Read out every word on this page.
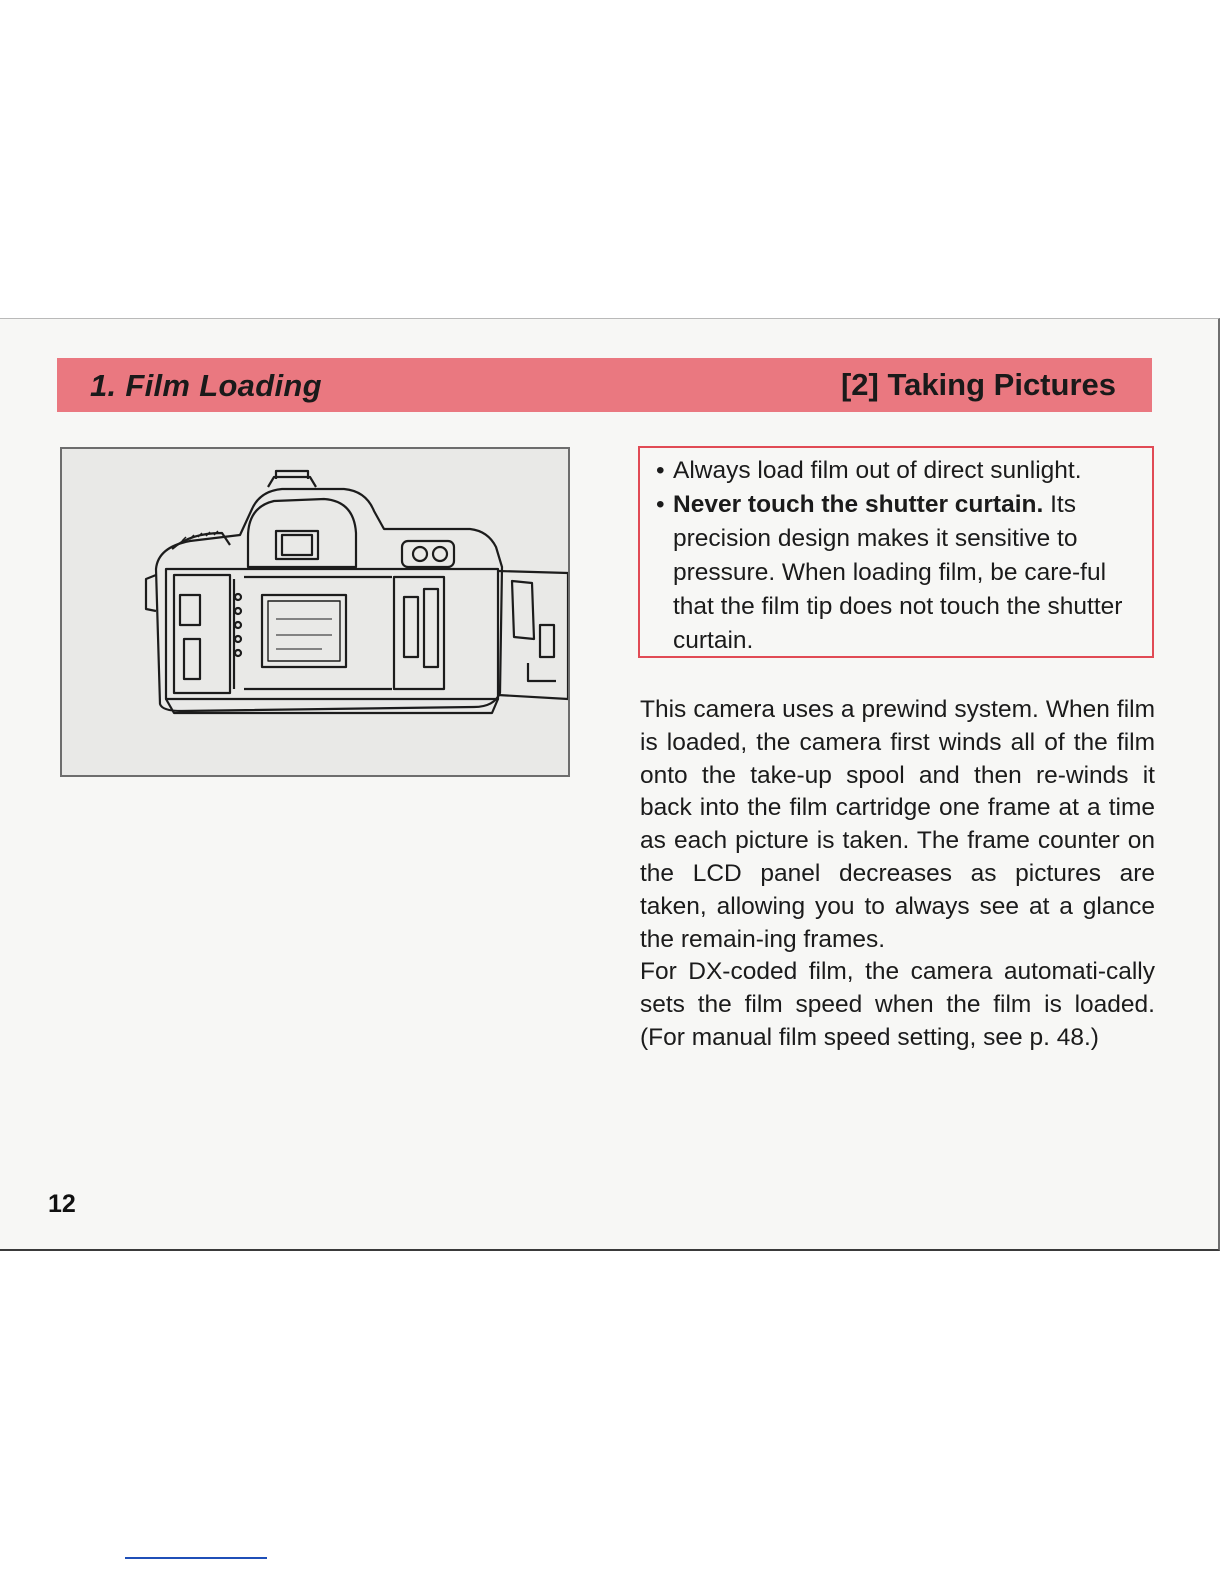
1. Film Loading	[2] Taking Pictures

• Always load film out of direct sunlight.

• Never touch the shutter curtain. Its precision design makes it sensitive to pressure. When loading film, be care-ful that the film tip does not touch the shutter curtain.

This camera uses a prewind system. When film is loaded, the camera first winds all of the film onto the take-up spool and then re-winds it back into the film cartridge one frame at a time as each picture is taken. The frame counter on the LCD panel decreases as pictures are taken, allowing you to always see at a glance the remain-ing frames.

For DX-coded film, the camera automati-cally sets the film speed when the film is loaded. (For manual film speed setting, see p. 48.)

12
